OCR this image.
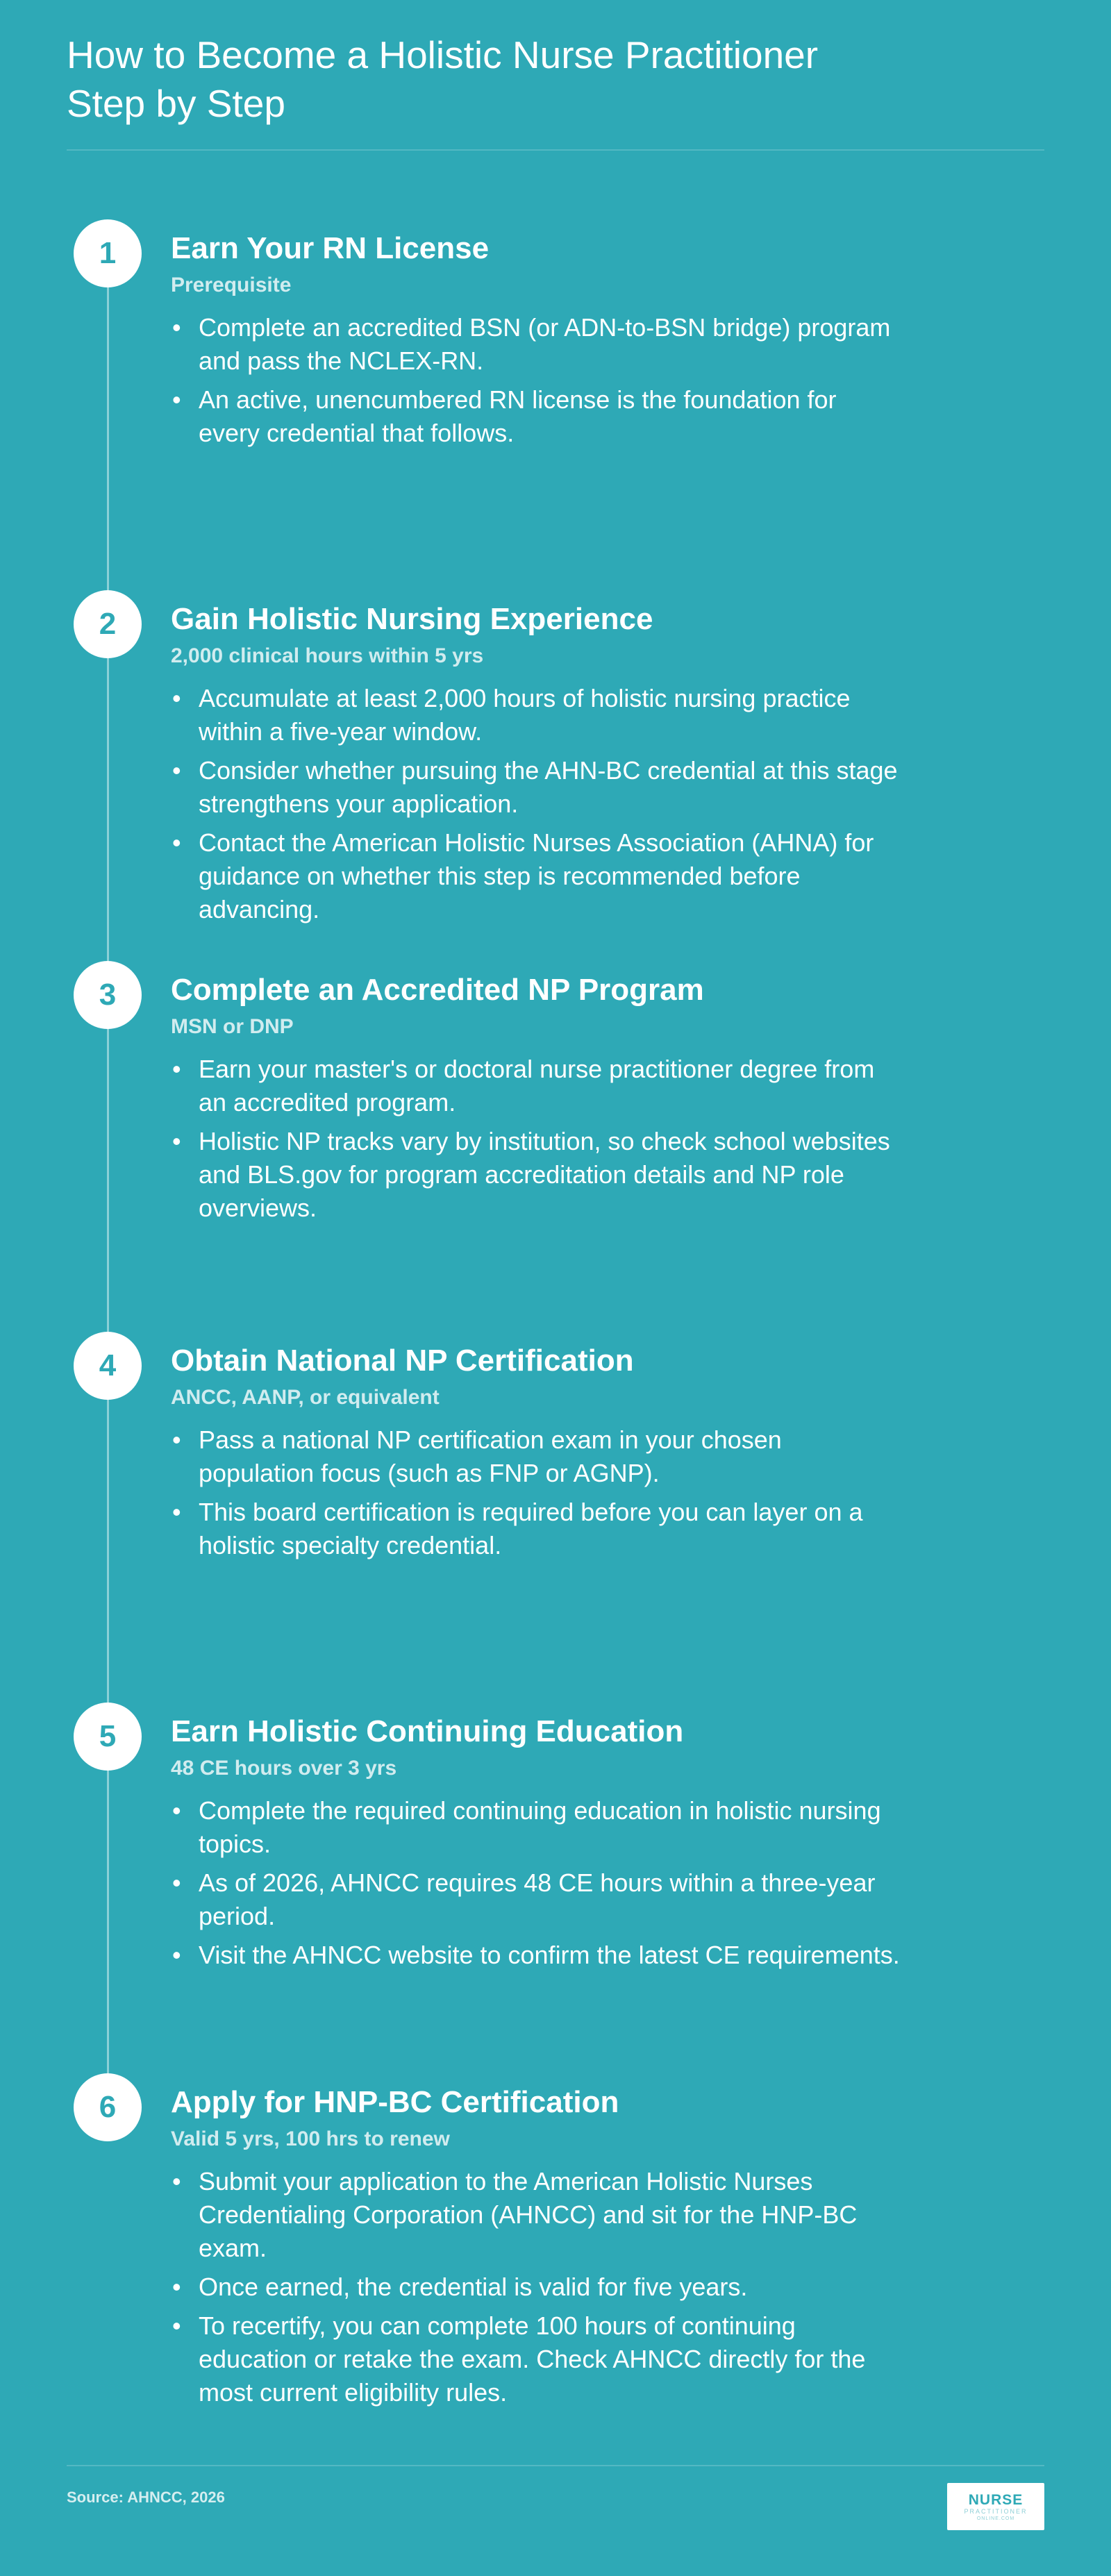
How to Become a Holistic Nurse Practitioner
Step by Step
1	Earn Your RN License
Prerequisite
• Complete an accredited BSN (or ADN-to-BSN bridge) program and pass the NCLEX-RN.
• An active, unencumbered RN license is the foundation for every credential that follows.
2	Gain Holistic Nursing Experience
2,000 clinical hours within 5 yrs
• Accumulate at least 2,000 hours of holistic nursing practice within a five-year window.
• Consider whether pursuing the AHN-BC credential at this stage strengthens your application.
• Contact the American Holistic Nurses Association (AHNA) for guidance on whether this step is recommended before advancing.
3	Complete an Accredited NP Program
MSN or DNP
• Earn your master's or doctoral nurse practitioner degree from an accredited program.
• Holistic NP tracks vary by institution, so check school websites and BLS.gov for program accreditation details and NP role overviews.
4	Obtain National NP Certification
ANCC, AANP, or equivalent
• Pass a national NP certification exam in your chosen population focus (such as FNP or AGNP).
• This board certification is required before you can layer on a holistic specialty credential.
5	Earn Holistic Continuing Education
48 CE hours over 3 yrs
• Complete the required continuing education in holistic nursing topics.
• As of 2026, AHNCC requires 48 CE hours within a three-year period.
• Visit the AHNCC website to confirm the latest CE requirements.
6	Apply for HNP-BC Certification
Valid 5 yrs, 100 hrs to renew
• Submit your application to the American Holistic Nurses Credentialing Corporation (AHNCC) and sit for the HNP-BC exam.
• Once earned, the credential is valid for five years.
• To recertify, you can complete 100 hours of continuing education or retake the exam. Check AHNCC directly for the most current eligibility rules.
Source: AHNCC, 2026	NURSE
PRACTITIONER
ONLINE.COM
